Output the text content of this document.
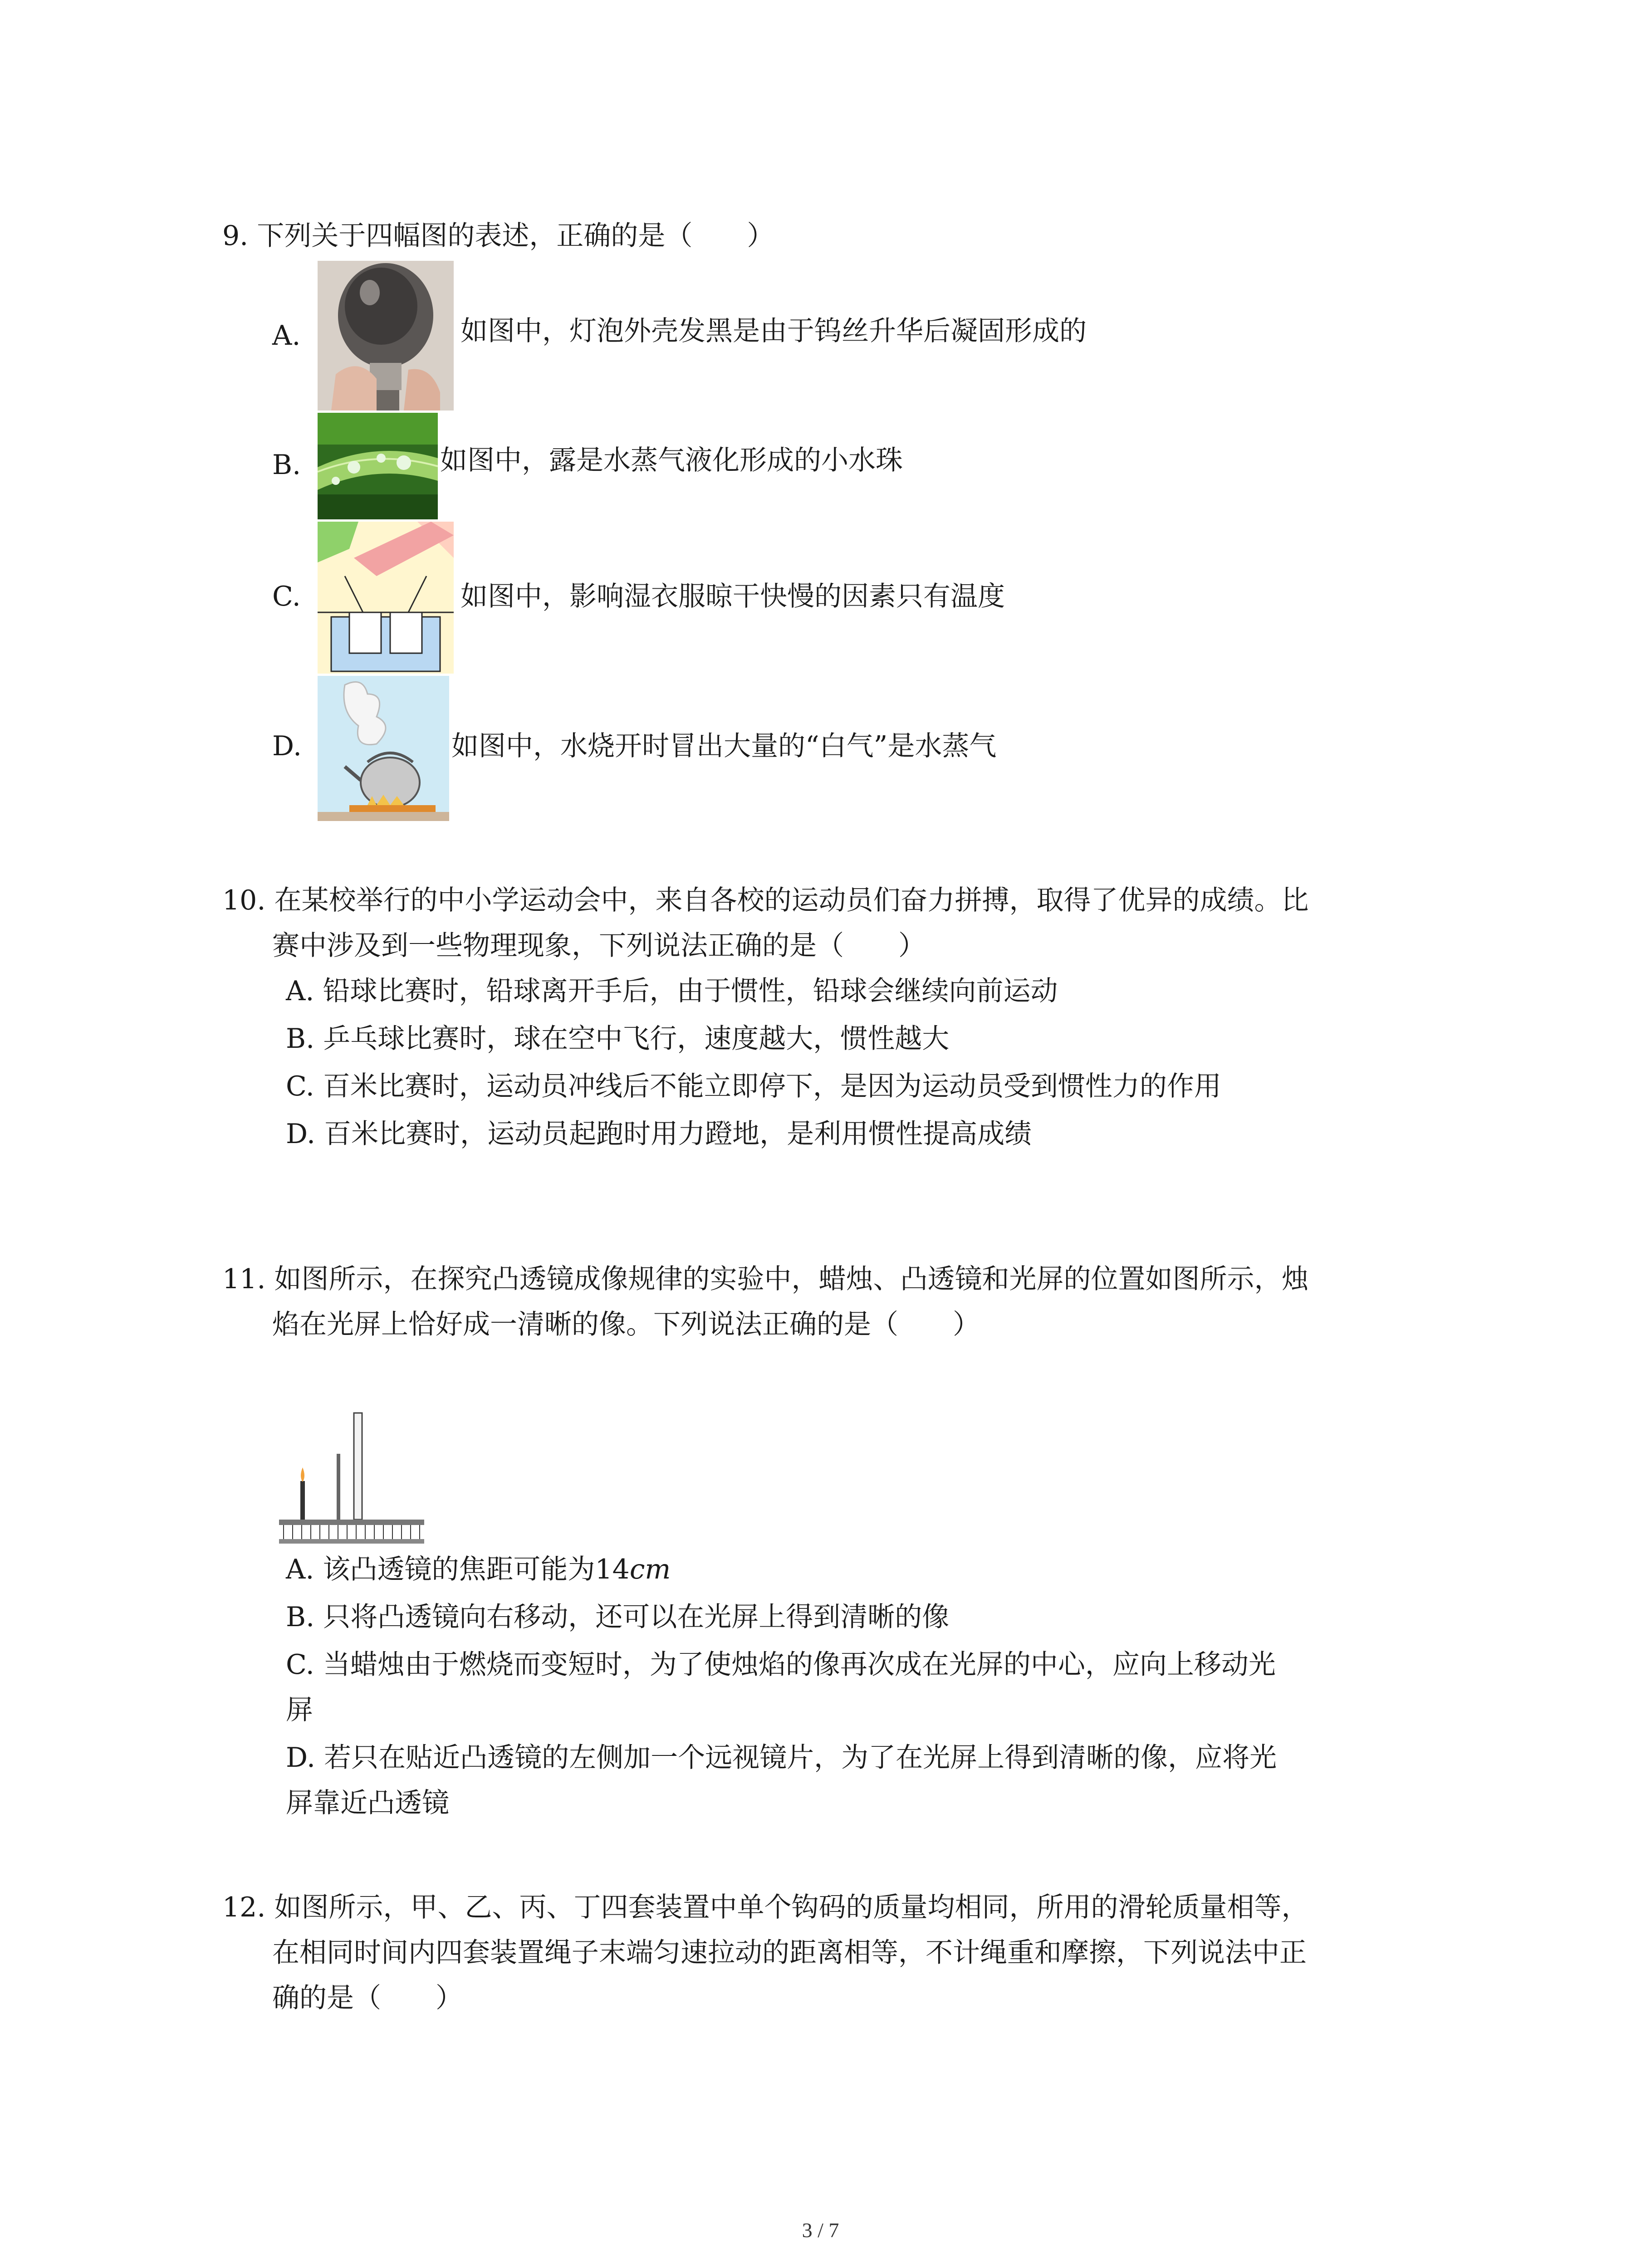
9. 下列关于四幅图的表述，正确的是（　　）
A.	如图中，灯泡外壳发黑是由于钨丝升华后凝固形成的
B.	如图中，露是水蒸气液化形成的小水珠
C.	如图中，影响湿衣服晾干快慢的因素只有温度
D.	如图中，水烧开时冒出大量的“白气”是水蒸气
10. 在某校举行的中小学运动会中，来自各校的运动员们奋力拼搏，取得了优异的成绩。比
赛中涉及到一些物理现象，下列说法正确的是（　　）
A. 铅球比赛时，铅球离开手后，由于惯性，铅球会继续向前运动
B. 乒乓球比赛时，球在空中飞行，速度越大，惯性越大
C. 百米比赛时，运动员冲线后不能立即停下，是因为运动员受到惯性力的作用
D. 百米比赛时，运动员起跑时用力蹬地，是利用惯性提高成绩
11. 如图所示，在探究凸透镜成像规律的实验中，蜡烛、凸透镜和光屏的位置如图所示，烛
焰在光屏上恰好成一清晰的像。下列说法正确的是（　　）
A. 该凸透镜的焦距可能为14cm
B. 只将凸透镜向右移动，还可以在光屏上得到清晰的像
C. 当蜡烛由于燃烧而变短时，为了使烛焰的像再次成在光屏的中心，应向上移动光
屏
D. 若只在贴近凸透镜的左侧加一个远视镜片，为了在光屏上得到清晰的像，应将光
屏靠近凸透镜
12. 如图所示，甲、乙、丙、丁四套装置中单个钩码的质量均相同，所用的滑轮质量相等，
在相同时间内四套装置绳子末端匀速拉动的距离相等，不计绳重和摩擦，下列说法中正
确的是（　　）
3 / 7
